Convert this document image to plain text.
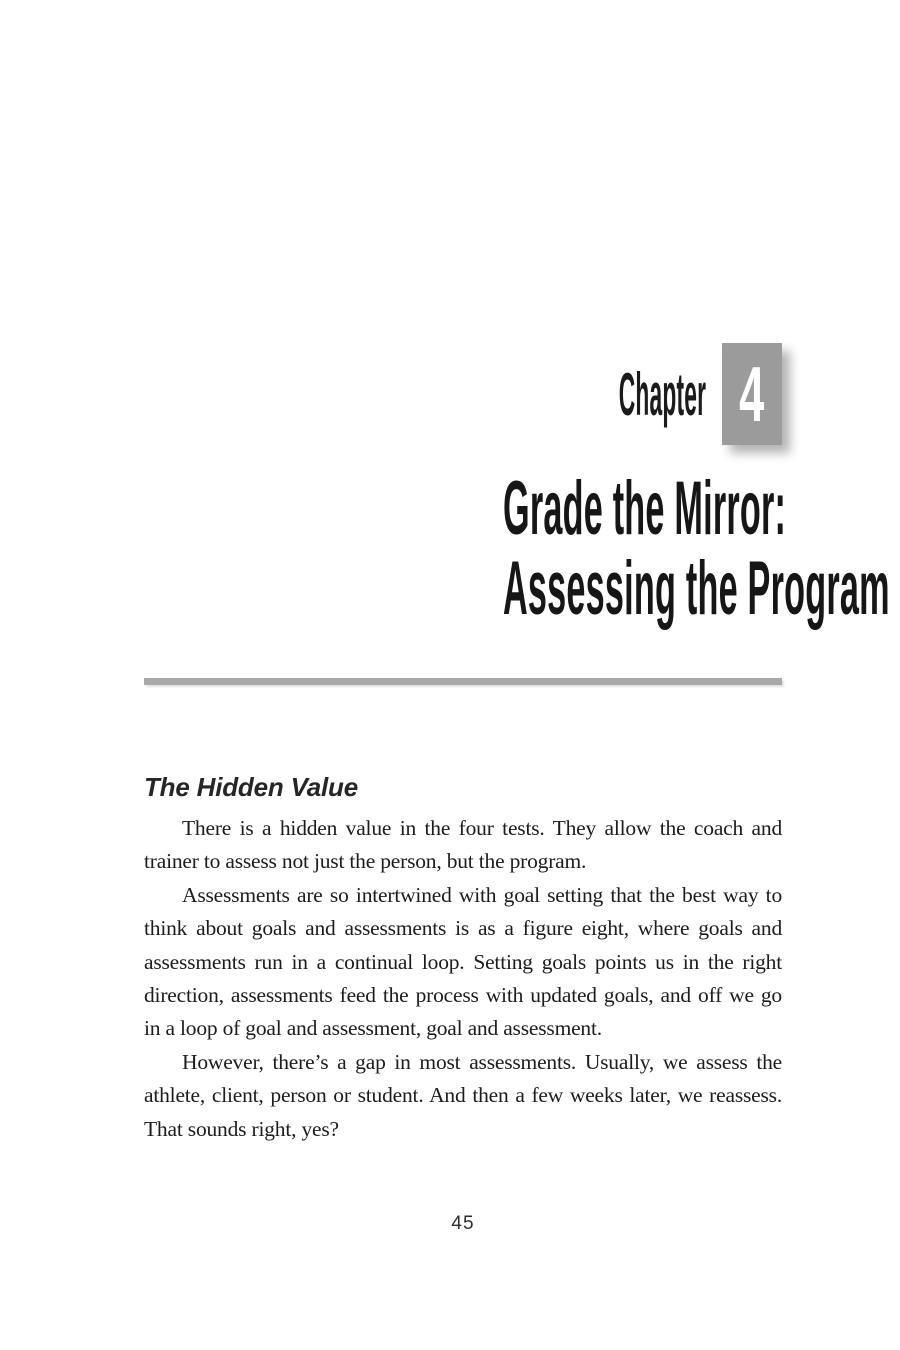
Chapter 4
Grade the Mirror:
Assessing the Program
The Hidden Value

There is a hidden value in the four tests. They allow the coach and trainer to assess not just the person, but the program.

Assessments are so intertwined with goal setting that the best way to think about goals and assessments is as a figure eight, where goals and assessments run in a continual loop. Setting goals points us in the right direction, assessments feed the process with updated goals, and off we go in a loop of goal and assessment, goal and assessment.

However, there’s a gap in most assessments. Usually, we assess the athlete, client, person or student. And then a few weeks later, we reassess. That sounds right, yes?

45
